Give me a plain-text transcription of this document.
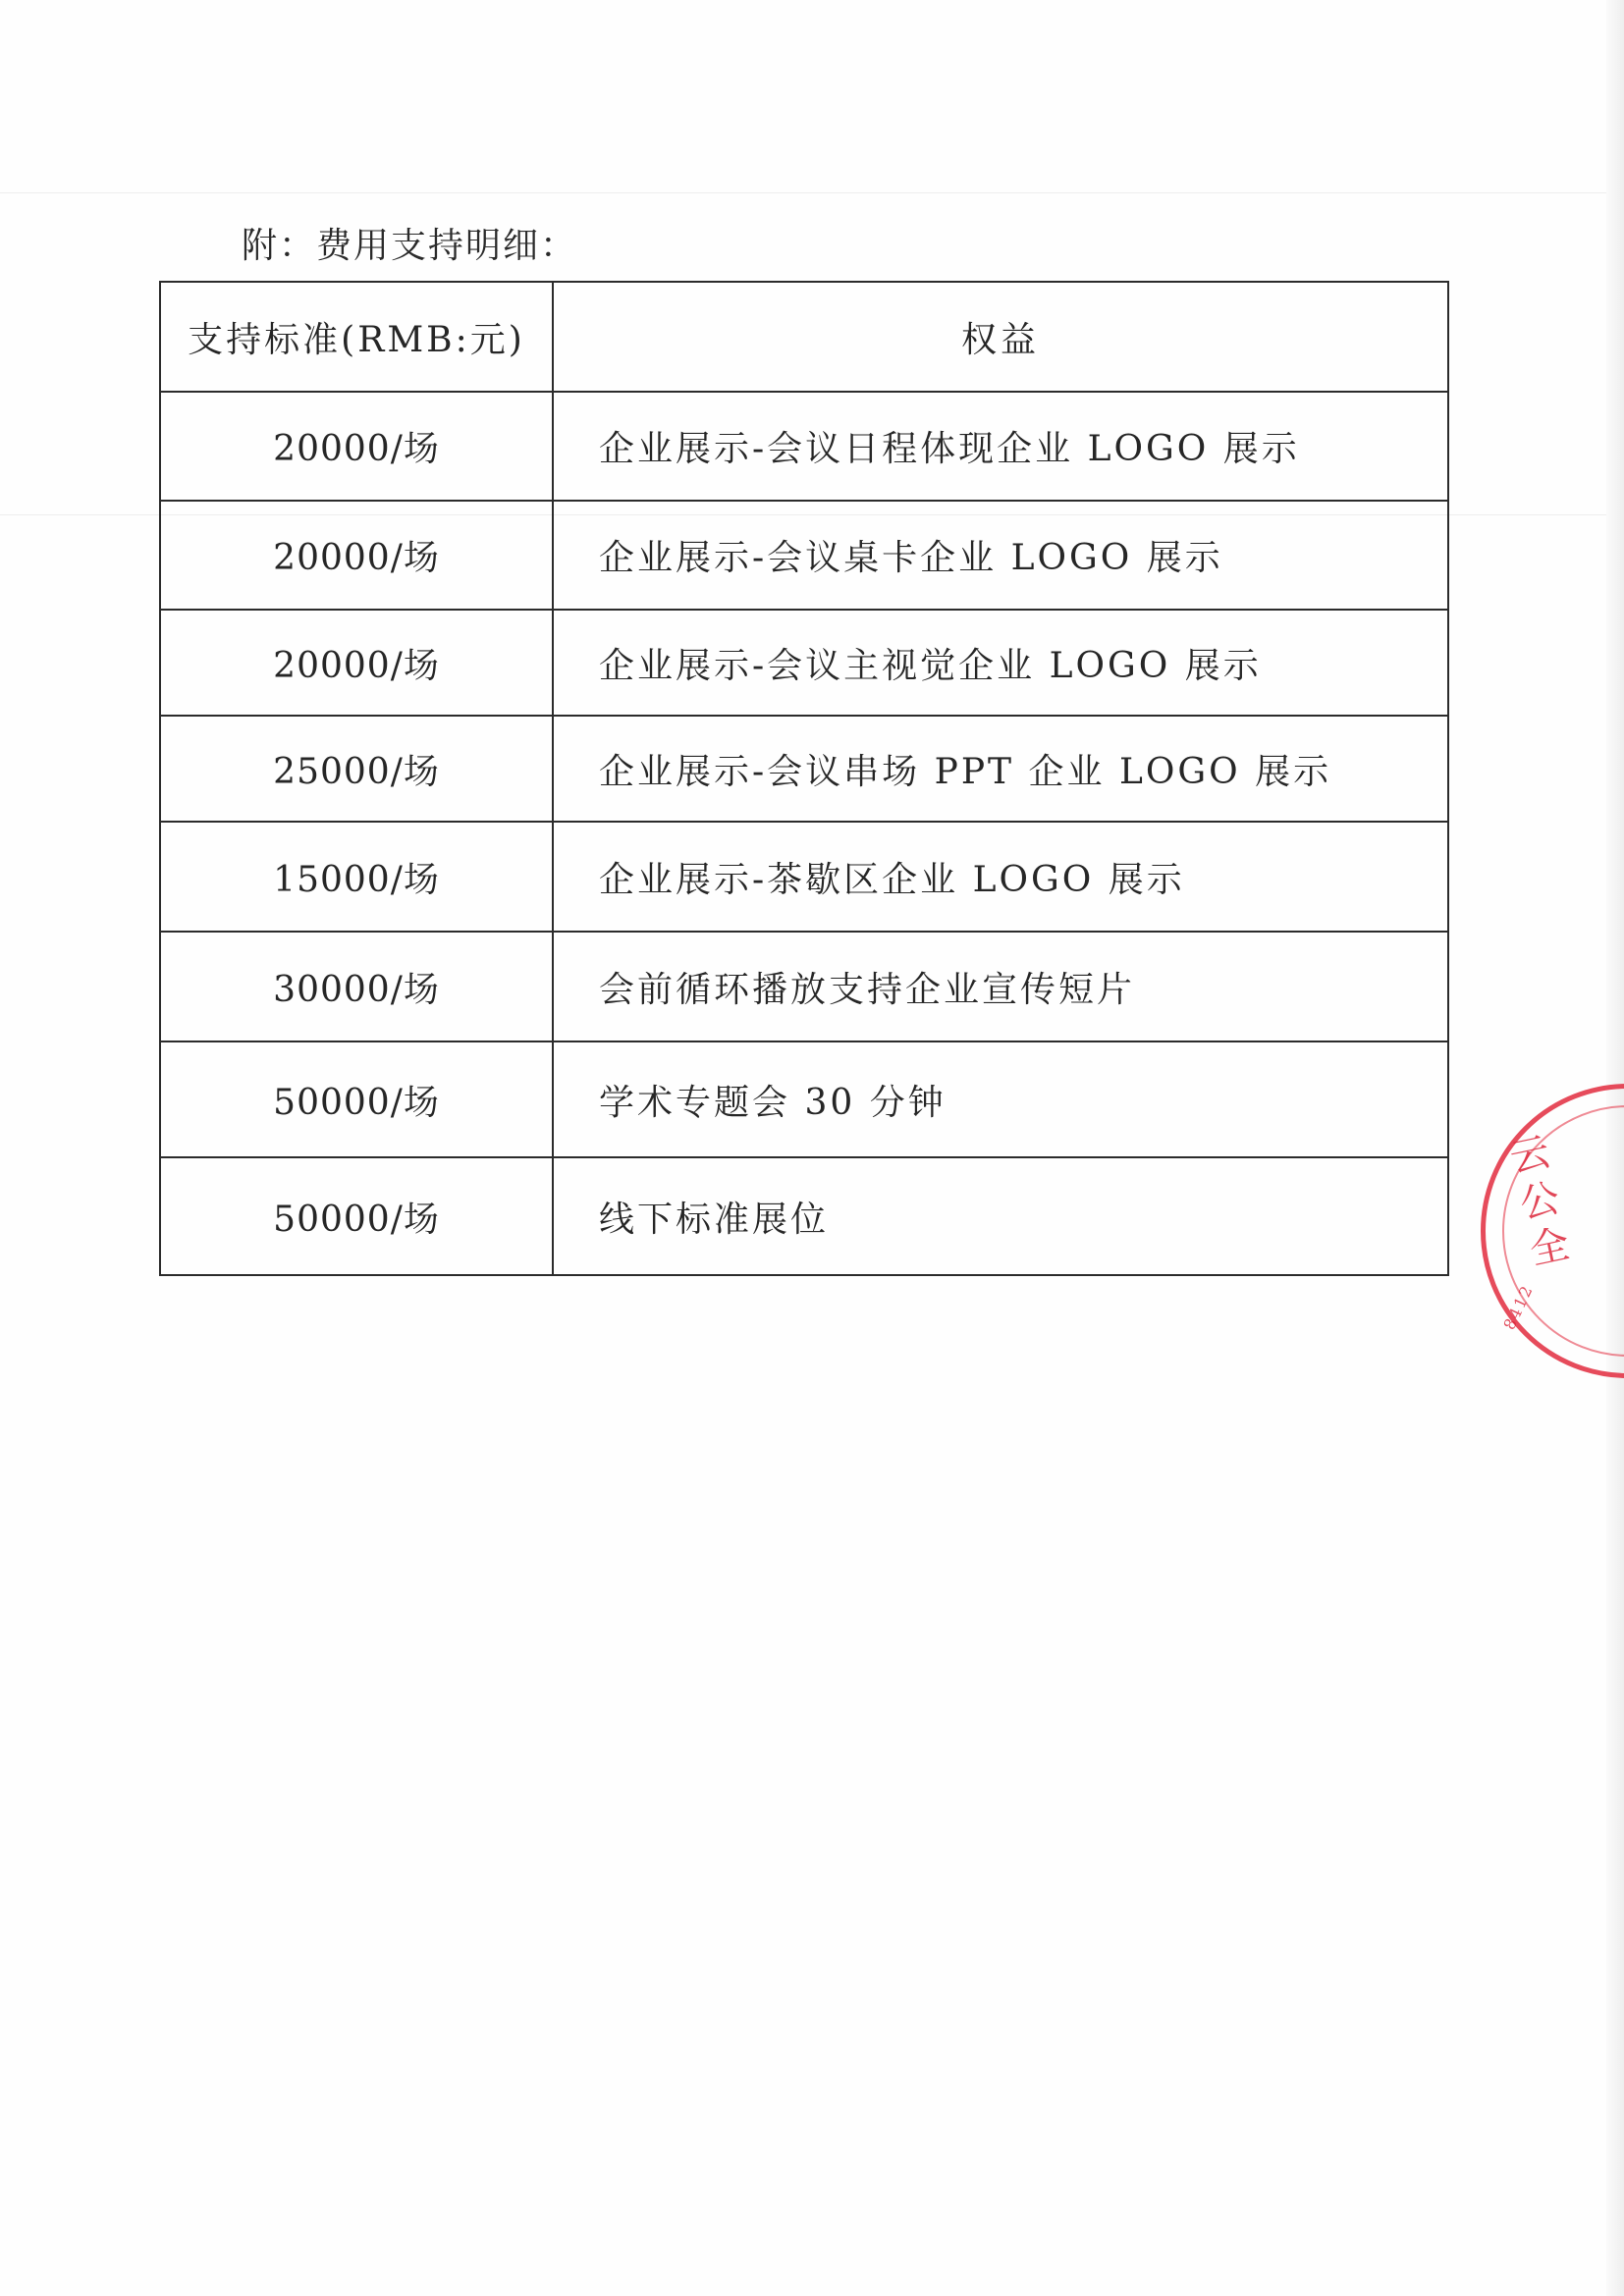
附：费用支持明细：
支持标准(RMB:元)	权益
20000/场	企业展示-会议日程体现企业 LOGO 展示
20000/场	企业展示-会议桌卡企业 LOGO 展示
20000/场	企业展示-会议主视觉企业 LOGO 展示
25000/场	企业展示-会议串场 PPT 企业 LOGO 展示
15000/场	企业展示-茶歇区企业 LOGO 展示
30000/场	会前循环播放支持企业宣传短片
50000/场	学术专题会 30 分钟
50000/场	线下标准展位
云
公
全
8412
